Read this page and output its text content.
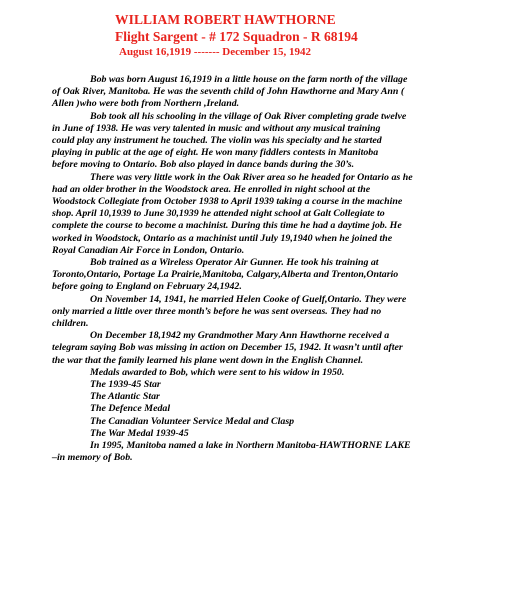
WILLIAM ROBERT HAWTHORNE
Flight Sargent - # 172 Squadron - R 68194
August 16,1919 ------- December 15, 1942
Bob was born August 16,1919 in a little house on the farm north of the village
of Oak River, Manitoba. He was the seventh child of John Hawthorne and Mary Ann (
Allen )who were both from Northern ,Ireland.
Bob took all his schooling in the village of Oak River completing grade twelve
in June of 1938. He was very talented in music and without any musical training
could play any instrument he touched. The violin was his specialty and he started
playing in public at the age of eight. He won many fiddlers contests in Manitoba
before moving to Ontario. Bob also played in dance bands during the 30’s.
There was very little work in the Oak River area so he headed for Ontario as he
had an older brother in the Woodstock area. He enrolled in night school at the
Woodstock Collegiate from October 1938 to April 1939 taking a course in the machine
shop. April 10,1939 to June 30,1939 he attended night school at Galt Collegiate to
complete the course to become a machinist. During this time he had a daytime job. He
worked in Woodstock, Ontario as a machinist until July 19,1940 when he joined the
Royal Canadian Air Force in London, Ontario.
Bob trained as a Wireless Operator Air Gunner. He took his training at
Toronto,Ontario, Portage La Prairie,Manitoba, Calgary,Alberta and Trenton,Ontario
before going to England on February 24,1942.
On November 14, 1941, he married Helen Cooke of Guelf,Ontario. They were
only married a little over three month’s before he was sent overseas. They had no
children.
On December 18,1942 my Grandmother Mary Ann Hawthorne received a
telegram saying Bob was missing in action on December 15, 1942. It wasn’t until after
the war that the family learned his plane went down in the English Channel.
Medals awarded to Bob, which were sent to his widow in 1950.
The 1939-45 Star
The Atlantic Star
The Defence Medal
The Canadian Volunteer Service Medal and Clasp
The War Medal 1939-45
In 1995, Manitoba named a lake in Northern Manitoba-HAWTHORNE LAKE
–in memory of Bob.
